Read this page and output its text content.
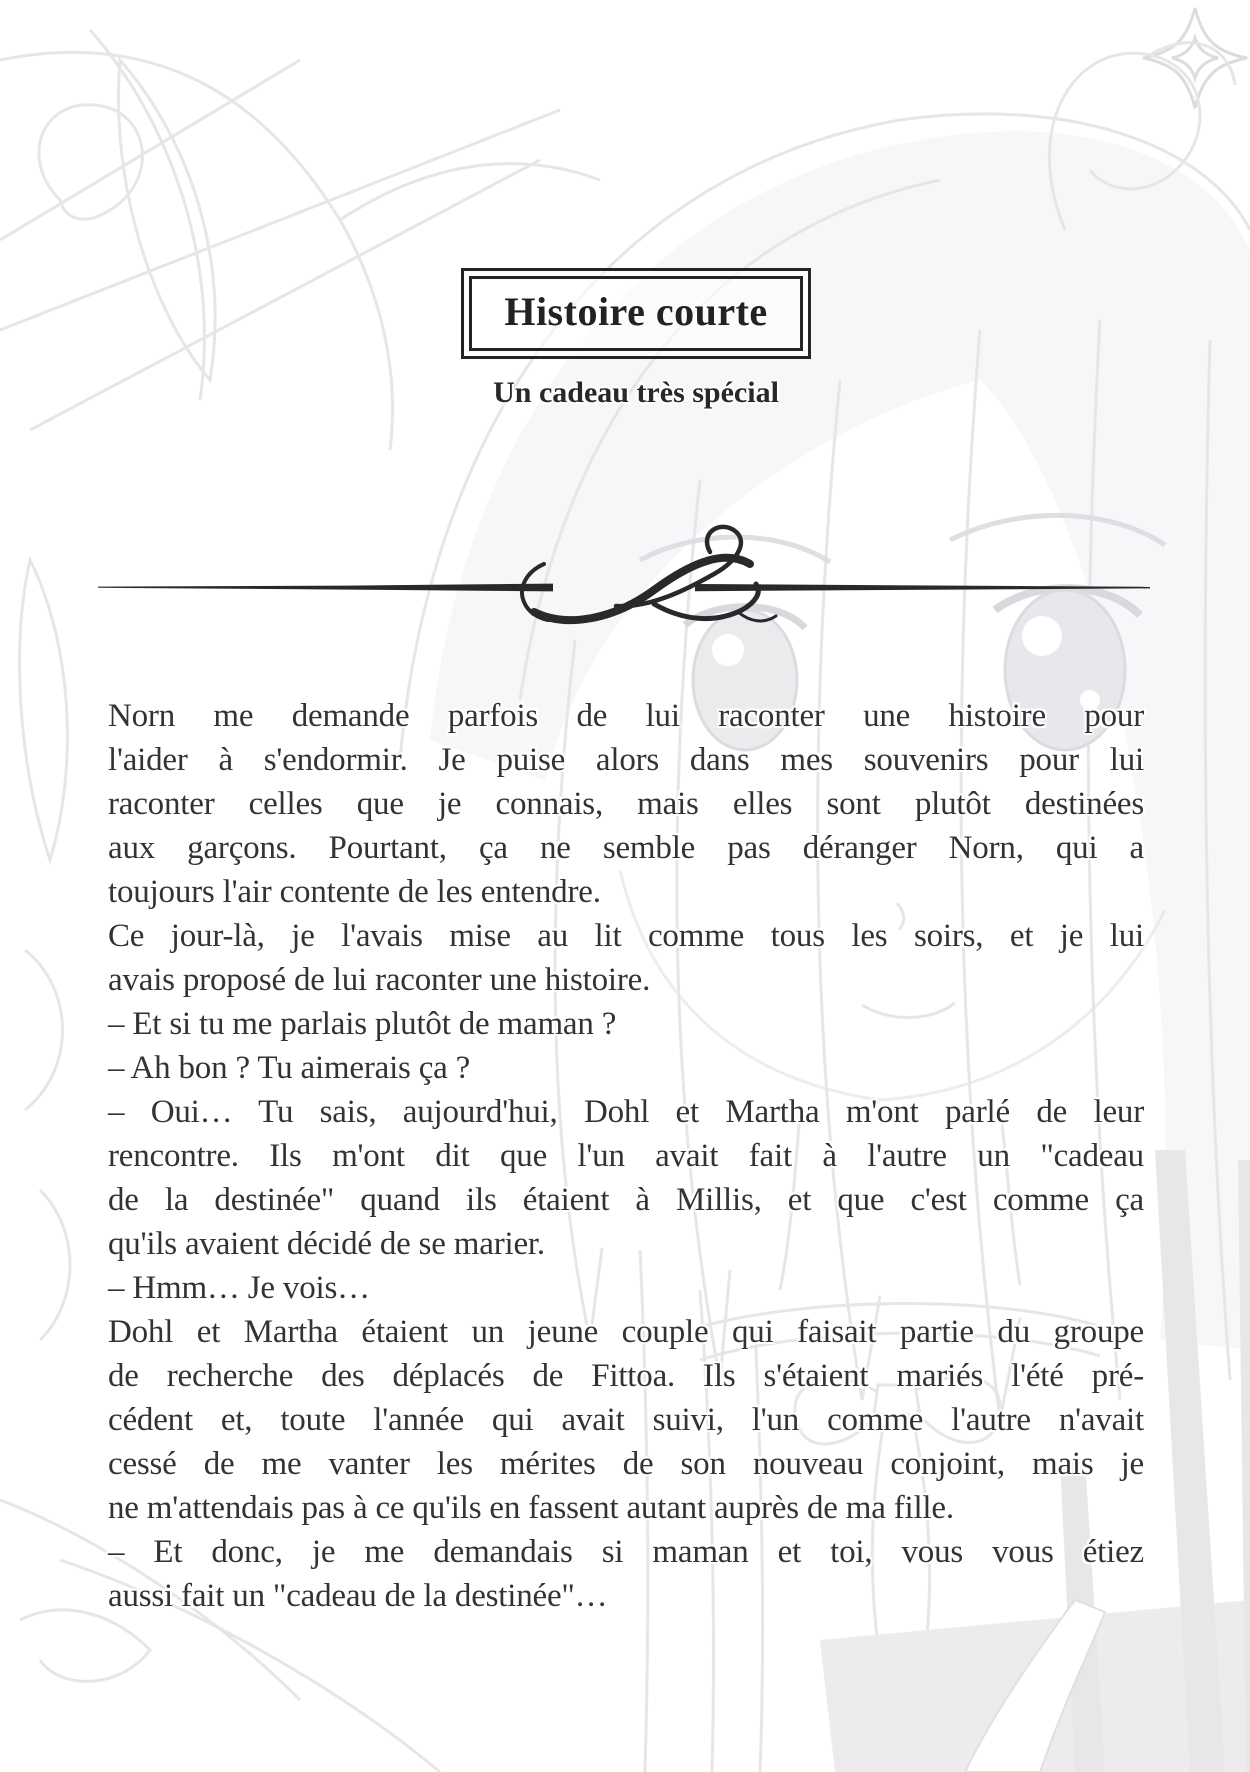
Histoire courte
Un cadeau très spécial
Norn me demande parfois de lui raconter une histoire pour
l'aider à s'endormir. Je puise alors dans mes souvenirs pour lui
raconter celles que je connais, mais elles sont plutôt destinées
aux garçons. Pourtant, ça ne semble pas déranger Norn, qui a
toujours l'air contente de les entendre.
Ce jour-là, je l'avais mise au lit comme tous les soirs, et je lui
avais proposé de lui raconter une histoire.
– Et si tu me parlais plutôt de maman ?
– Ah bon ? Tu aimerais ça ?
– Oui… Tu sais, aujourd'hui, Dohl et Martha m'ont parlé de leur
rencontre. Ils m'ont dit que l'un avait fait à l'autre un "cadeau
de la destinée" quand ils étaient à Millis, et que c'est comme ça
qu'ils avaient décidé de se marier.
– Hmm… Je vois…
Dohl et Martha étaient un jeune couple qui faisait partie du groupe
de recherche des déplacés de Fittoa. Ils s'étaient mariés l'été pré-
cédent et, toute l'année qui avait suivi, l'un comme l'autre n'avait
cessé de me vanter les mérites de son nouveau conjoint, mais je
ne m'attendais pas à ce qu'ils en fassent autant auprès de ma fille.
– Et donc, je me demandais si maman et toi, vous vous étiez
aussi fait un "cadeau de la destinée"…
